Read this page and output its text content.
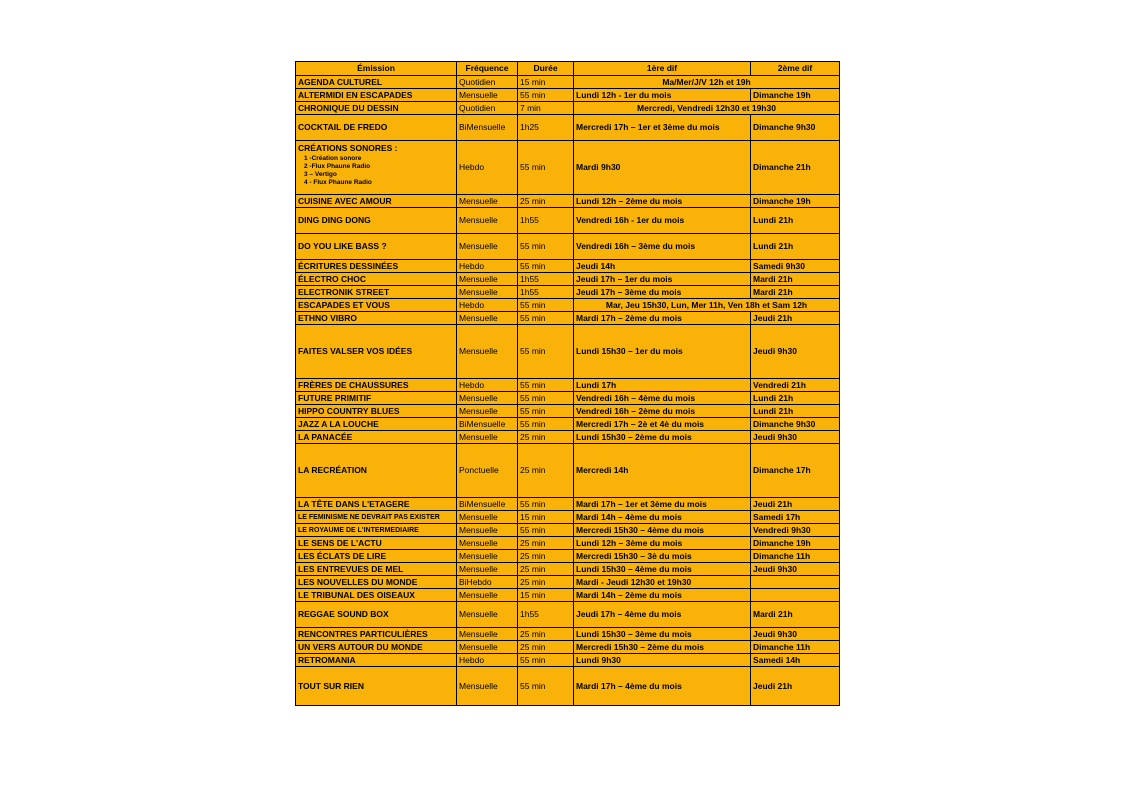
Émission	Fréquence	Durée	1ère dif	2ème dif
AGENDA CULTUREL	Quotidien	15 min	Ma/Mer/J/V 12h et 19h	
ALTERMIDI EN ESCAPADES	Mensuelle	55 min	Lundi 12h - 1er du mois	Dimanche 19h
CHRONIQUE DU DESSIN	Quotidien	7 min	Mercredi, Vendredi 12h30 et 19h30	
COCKTAIL DE FREDO	BiMensuelle	1h25	Mercredi 17h – 1er et 3ème du mois	Dimanche 9h30

CRÉATIONS SONORES :
1 -Création sonore
2 -Flux Phaune Radio
3 – Vertigo
4 - Flux Phaune Radio	Hebdo	55 min	Mardi 9h30	Dimanche 21h
CUISINE AVEC AMOUR	Mensuelle	25 min	Lundi 12h – 2ème du mois	Dimanche 19h
DING DING DONG	Mensuelle	1h55	Vendredi 16h - 1er du mois	Lundi 21h
DO YOU LIKE BASS ?	Mensuelle	55 min	Vendredi 16h – 3ème du mois	Lundi 21h
ÉCRITURES DESSINÉES	Hebdo	55 min	Jeudi 14h	Samedi 9h30
ÉLECTRO CHOC	Mensuelle	1h55	Jeudi 17h – 1er du mois	Mardi 21h
ELECTRONIK STREET	Mensuelle	1h55	Jeudi 17h – 3ème du mois	Mardi 21h
ESCAPADES ET VOUS	Hebdo	55 min	Mar, Jeu 15h30, Lun, Mer 11h, Ven 18h et Sam 12h	
ETHNO VIBRO	Mensuelle	55 min	Mardi 17h – 2ème du mois	Jeudi 21h
FAITES VALSER VOS IDÉES	Mensuelle	55 min	Lundi 15h30 – 1er du mois	Jeudi 9h30
FRÈRES DE CHAUSSURES	Hebdo	55 min	Lundi 17h	Vendredi 21h
FUTURE PRIMITIF	Mensuelle	55 min	Vendredi 16h – 4ème du mois	Lundi 21h
HIPPO COUNTRY BLUES	Mensuelle	55 min	Vendredi 16h – 2ème du mois	Lundi 21h
JAZZ A LA LOUCHE	BiMensuelle	55 min	Mercredi 17h – 2è et 4è du mois	Dimanche 9h30
LA PANACÉE	Mensuelle	25 min	Lundi 15h30 – 2ème du mois	Jeudi 9h30
LA RECRÉATION	Ponctuelle	25 min	Mercredi 14h	Dimanche 17h
LA TÊTE DANS L'ETAGERE	BiMensuelle	55 min	Mardi 17h – 1er et 3ème du mois	Jeudi 21h
LE FEMINISME NE DEVRAIT PAS EXISTER	Mensuelle	15 min	Mardi 14h – 4ème du mois	Samedi 17h
LE ROYAUME DE L'INTERMEDIAIRE	Mensuelle	55 min	Mercredi 15h30 – 4ème du mois	Vendredi 9h30
LE SENS DE L'ACTU	Mensuelle	25 min	Lundi 12h – 3ème du mois	Dimanche 19h
LES ÉCLATS DE LIRE	Mensuelle	25 min	Mercredi 15h30 – 3è du mois	Dimanche 11h
LES ENTREVUES DE MEL	Mensuelle	25 min	Lundi 15h30 – 4ème du mois	Jeudi 9h30
LES NOUVELLES DU MONDE	BiHebdo	25 min	Mardi - Jeudi 12h30 et 19h30	
LE TRIBUNAL DES OISEAUX	Mensuelle	15 min	Mardi 14h – 2ème du mois	
REGGAE SOUND BOX	Mensuelle	1h55	Jeudi 17h – 4ème du mois	Mardi 21h
RENCONTRES PARTICULIÈRES	Mensuelle	25 min	Lundi 15h30 – 3ème du mois	Jeudi 9h30
UN VERS AUTOUR DU MONDE	Mensuelle	25 min	Mercredi 15h30 – 2ème du mois	Dimanche 11h
RETROMANIA	Hebdo	55 min	Lundi 9h30	Samedi 14h
TOUT SUR RIEN	Mensuelle	55 min	Mardi 17h – 4ème du mois	Jeudi 21h
